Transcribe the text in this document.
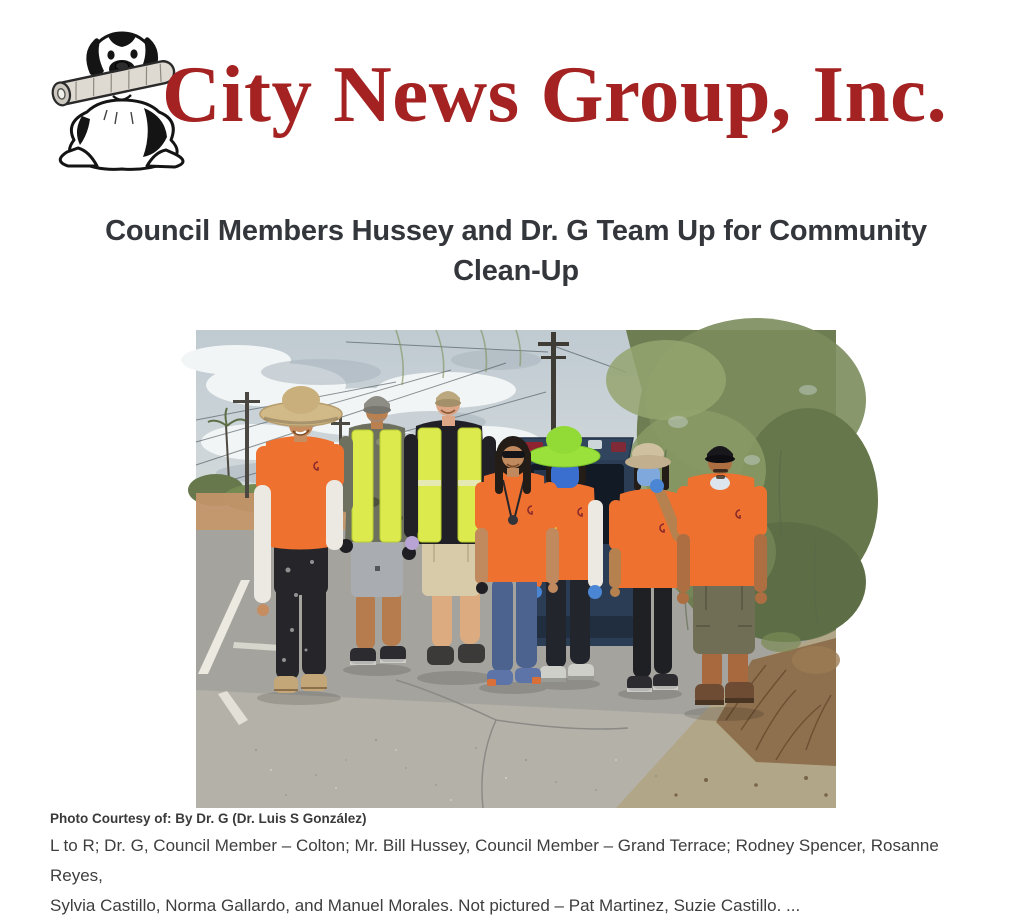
City News Group, Inc.
Council Members Hussey and Dr. G Team Up for Community
Clean-Up
Photo Courtesy of: By Dr. G (Dr. Luis S González)
L to R; Dr. G, Council Member – Colton; Mr. Bill Hussey, Council Member – Grand Terrace; Rodney Spencer, Rosanne Reyes,
Sylvia Castillo, Norma Gallardo, and Manuel Morales. Not pictured – Pat Martinez, Suzie Castillo. ...
